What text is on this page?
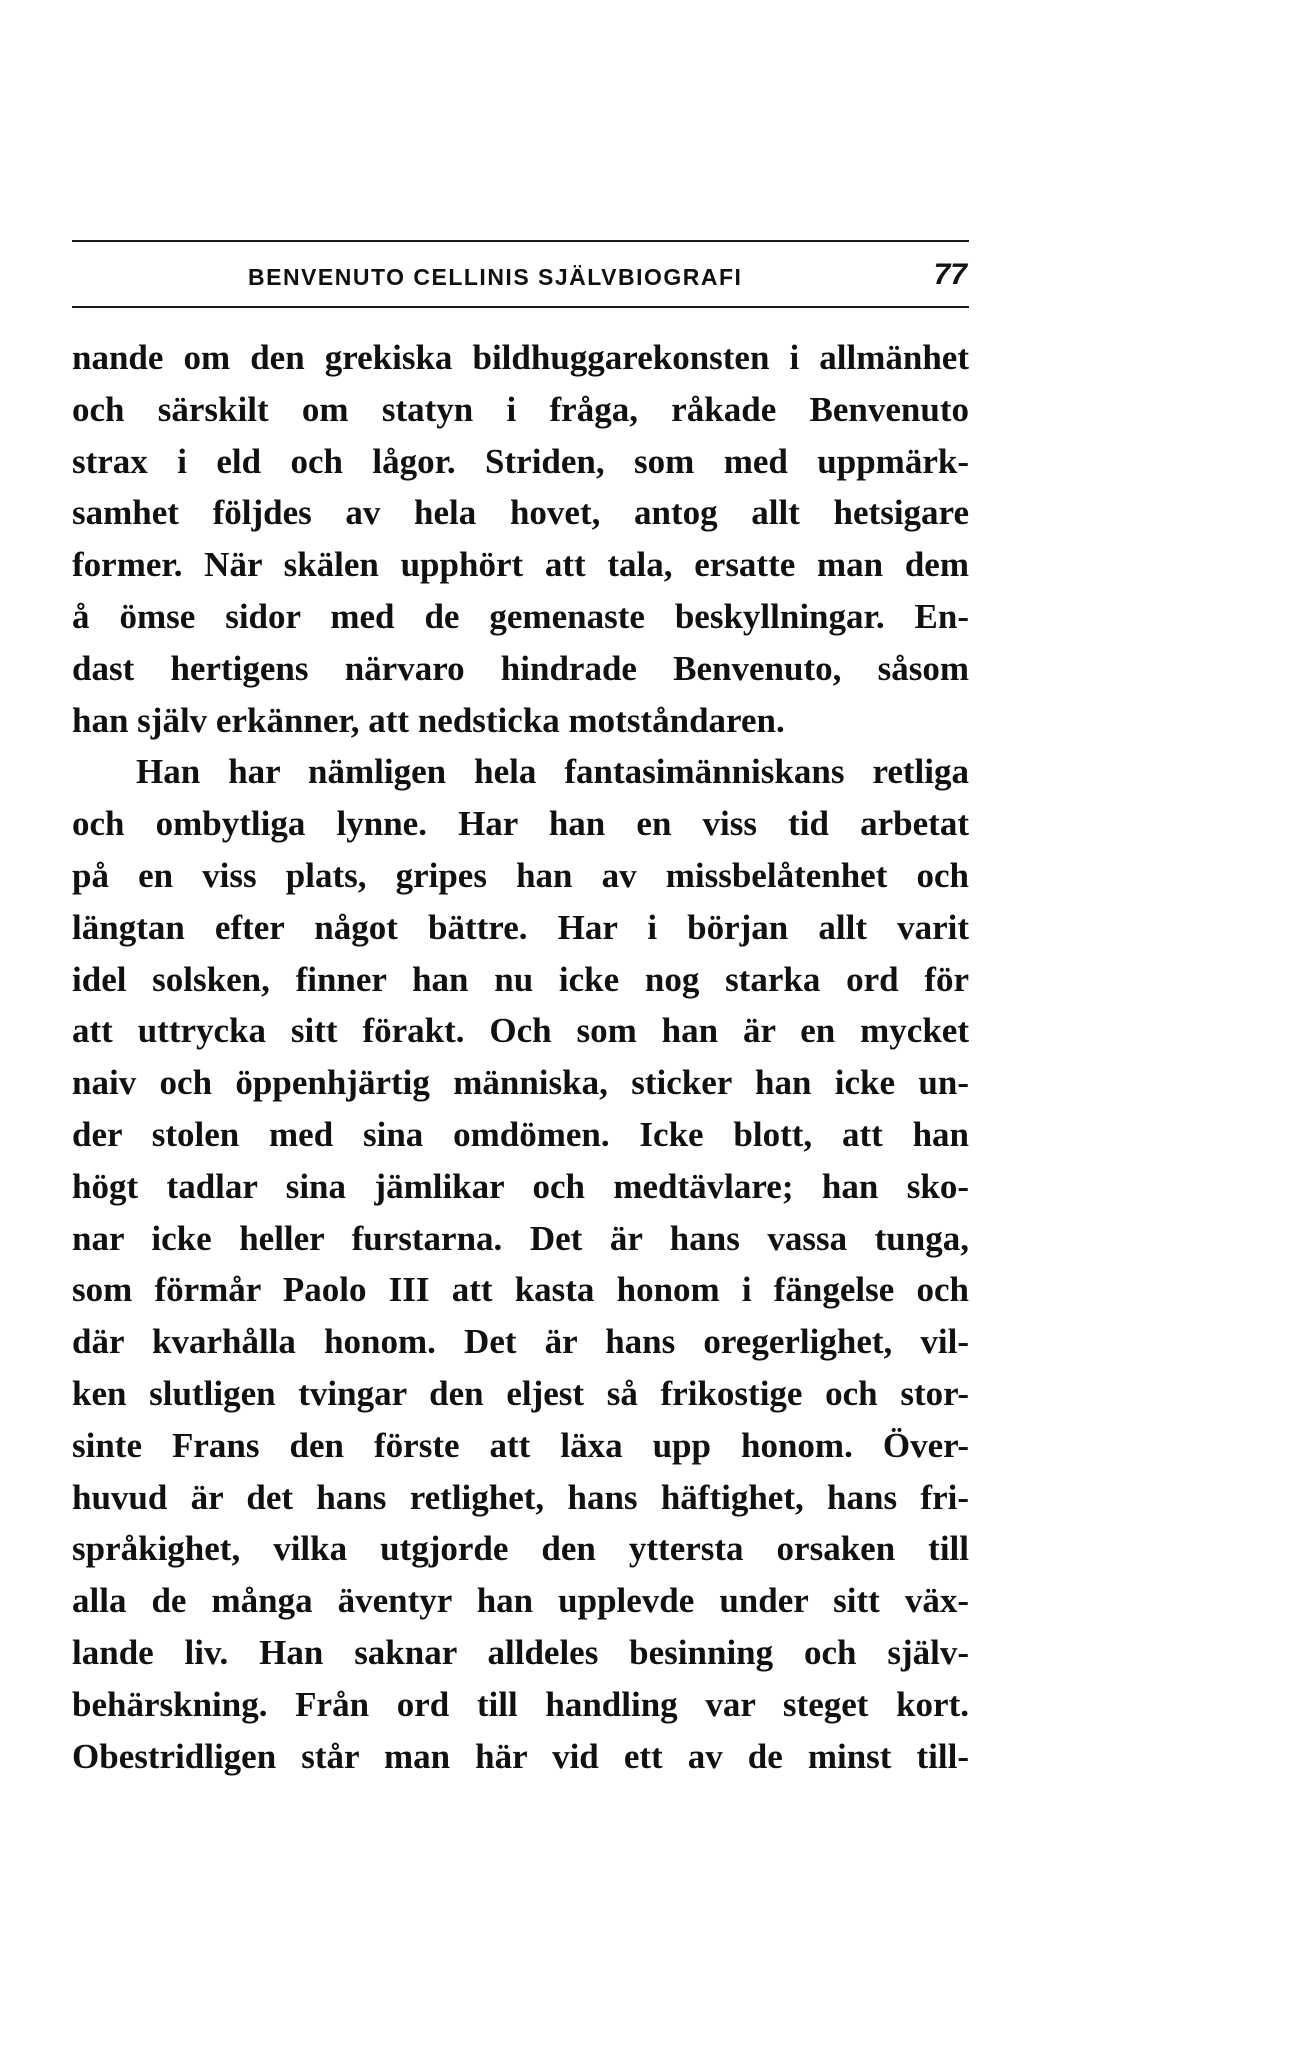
BENVENUTO CELLINIS SJÄLVBIOGRAFI	77
nande om den grekiska bildhuggarekonsten i allmänhet
och särskilt om statyn i fråga, råkade Benvenuto
strax i eld och lågor. Striden, som med uppmärk-
samhet följdes av hela hovet, antog allt hetsigare
former. När skälen upphört att tala, ersatte man dem
å ömse sidor med de gemenaste beskyllningar. En-
dast hertigens närvaro hindrade Benvenuto, såsom
han själv erkänner, att nedsticka motståndaren.
Han har nämligen hela fantasimänniskans retliga
och ombytliga lynne. Har han en viss tid arbetat
på en viss plats, gripes han av missbelåtenhet och
längtan efter något bättre. Har i början allt varit
idel solsken, finner han nu icke nog starka ord för
att uttrycka sitt förakt. Och som han är en mycket
naiv och öppenhjärtig människa, sticker han icke un-
der stolen med sina omdömen. Icke blott, att han
högt tadlar sina jämlikar och medtävlare; han sko-
nar icke heller furstarna. Det är hans vassa tunga,
som förmår Paolo III att kasta honom i fängelse och
där kvarhålla honom. Det är hans oregerlighet, vil-
ken slutligen tvingar den eljest så frikostige och stor-
sinte Frans den förste att läxa upp honom. Över-
huvud är det hans retlighet, hans häftighet, hans fri-
språkighet, vilka utgjorde den yttersta orsaken till
alla de många äventyr han upplevde under sitt väx-
lande liv. Han saknar alldeles besinning och själv-
behärskning. Från ord till handling var steget kort.
Obestridligen står man här vid ett av de minst till-
